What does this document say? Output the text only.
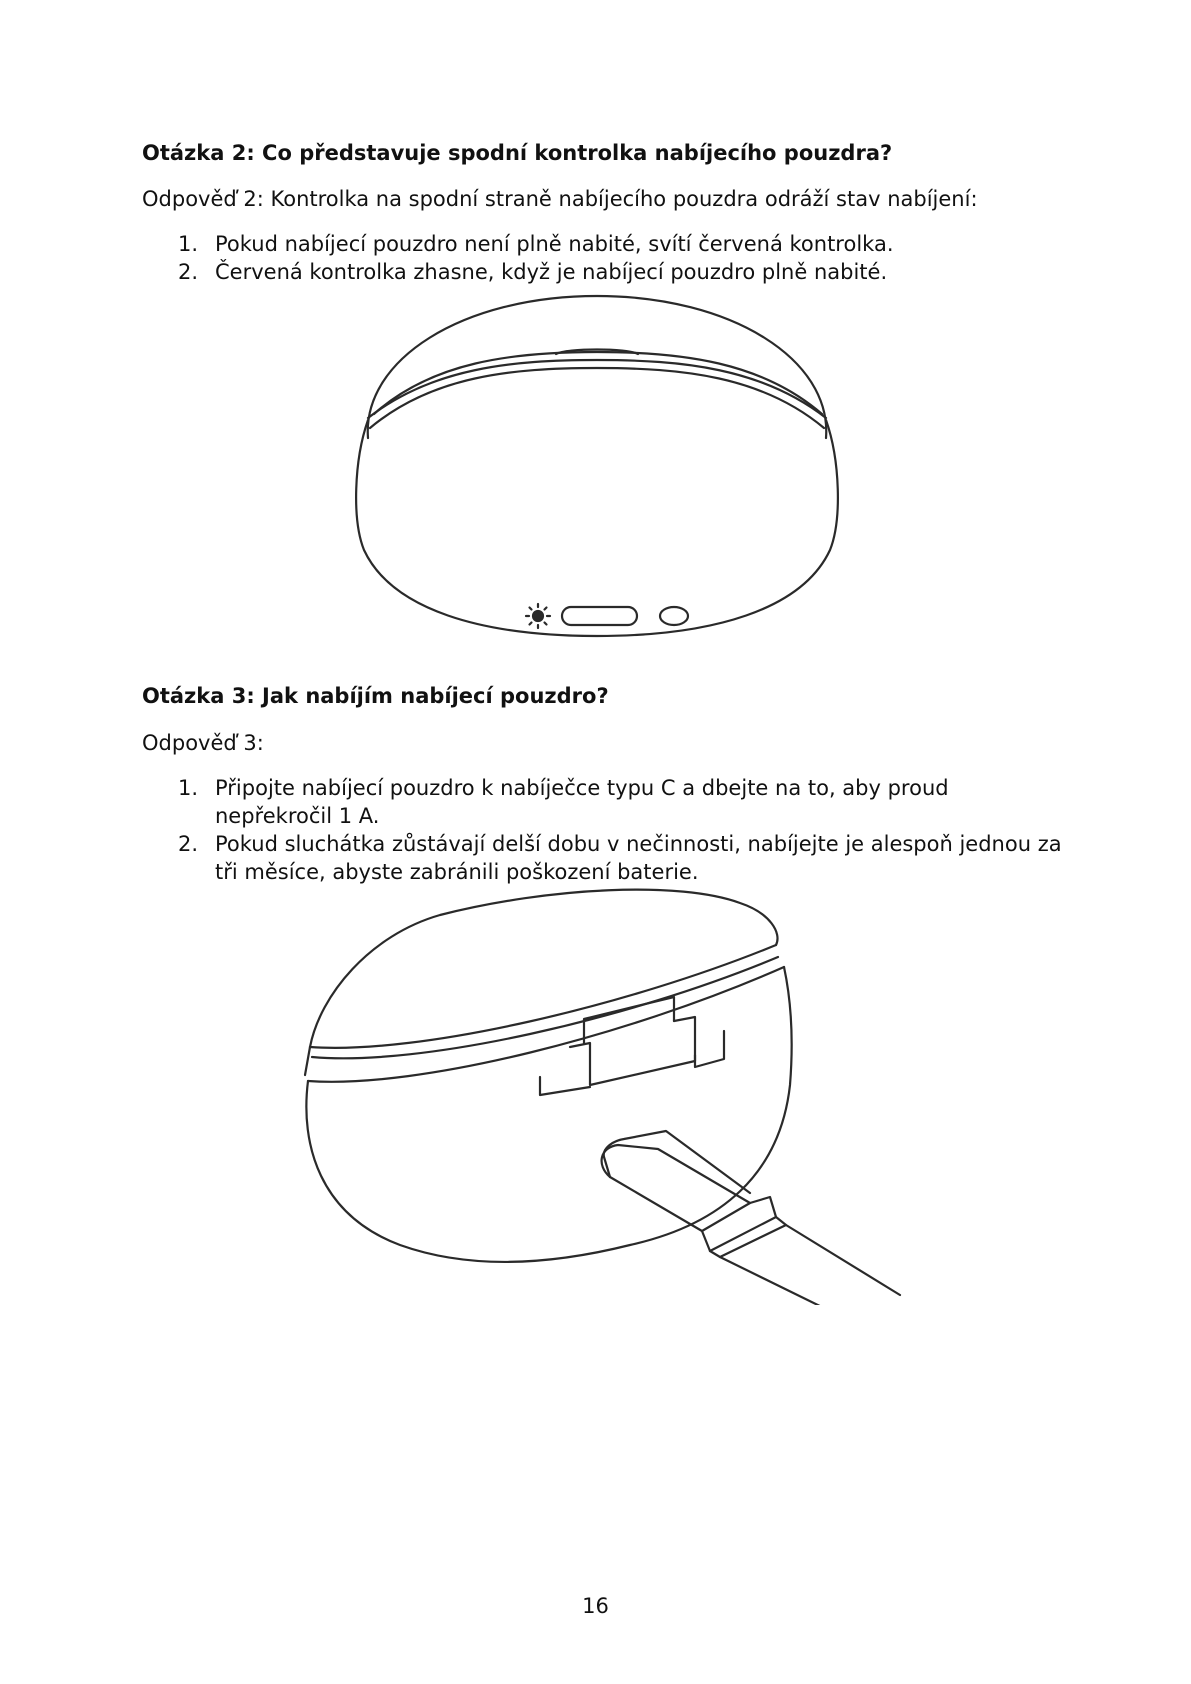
Otázka 2: Co představuje spodní kontrolka nabíjecího pouzdra?
Odpověď 2: Kontrolka na spodní straně nabíjecího pouzdra odráží stav nabíjení:
1. Pokud nabíjecí pouzdro není plně nabité, svítí červená kontrolka.
2. Červená kontrolka zhasne, když je nabíjecí pouzdro plně nabité.
Otázka 3: Jak nabíjím nabíjecí pouzdro?
Odpověď 3:
1. Připojte nabíjecí pouzdro k nabíječce typu C a dbejte na to, aby proud nepřekročil 1 A.
2. Pokud sluchátka zůstávají delší dobu v nečinnosti, nabíjejte je alespoň jednou za tři měsíce, abyste zabránili poškození baterie.
16
